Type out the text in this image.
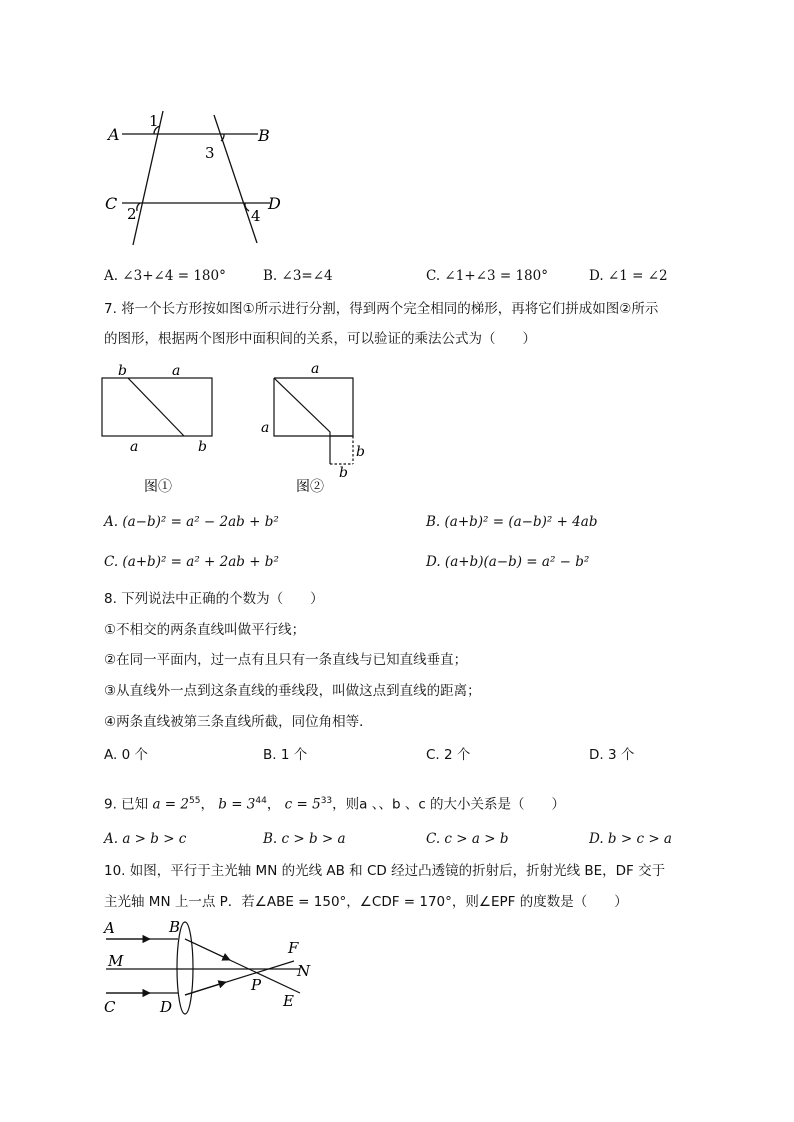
A	B
C	D
1
2
3
4
A. ∠3+∠4 = 180°	B. ∠3=∠4	C. ∠1+∠3 = 180°	D. ∠1 = ∠2
7. 将一个长方形按如图①所示进行分割，得到两个完全相同的梯形，再将它们拼成如图②所示
的图形，根据两个图形中面积间的关系，可以验证的乘法公式为（　　）
b	a
a	b
图①
a
a
b
b
图②
A. (a−b)² = a² − 2ab + b²	B. (a+b)² = (a−b)² + 4ab
C. (a+b)² = a² + 2ab + b²	D. (a+b)(a−b) = a² − b²
8. 下列说法中正确的个数为（　　）
①不相交的两条直线叫做平行线；
②在同一平面内，过一点有且只有一条直线与已知直线垂直；
③从直线外一点到这条直线的垂线段，叫做这点到直线的距离；
④两条直线被第三条直线所截，同位角相等．
A. 0 个	B. 1 个	C. 2 个	D. 3 个
9. 已知 $a = 2^{55}$， $b = 3^{44}$， $c = 5^{33}$，则a 、、b 、c 的大小关系是（　　）
A. a > b > c	B. c > b > a	C. c > a > b	D. b > c > a
10. 如图，平行于主光轴 MN 的光线 AB 和 CD 经过凸透镜的折射后，折射光线 BE，DF 交于
主光轴 MN 上一点 P．若∠ABE = 150°，∠CDF = 170°，则∠EPF 的度数是（　　）
A	B
M
C	D
P
F
N
E
